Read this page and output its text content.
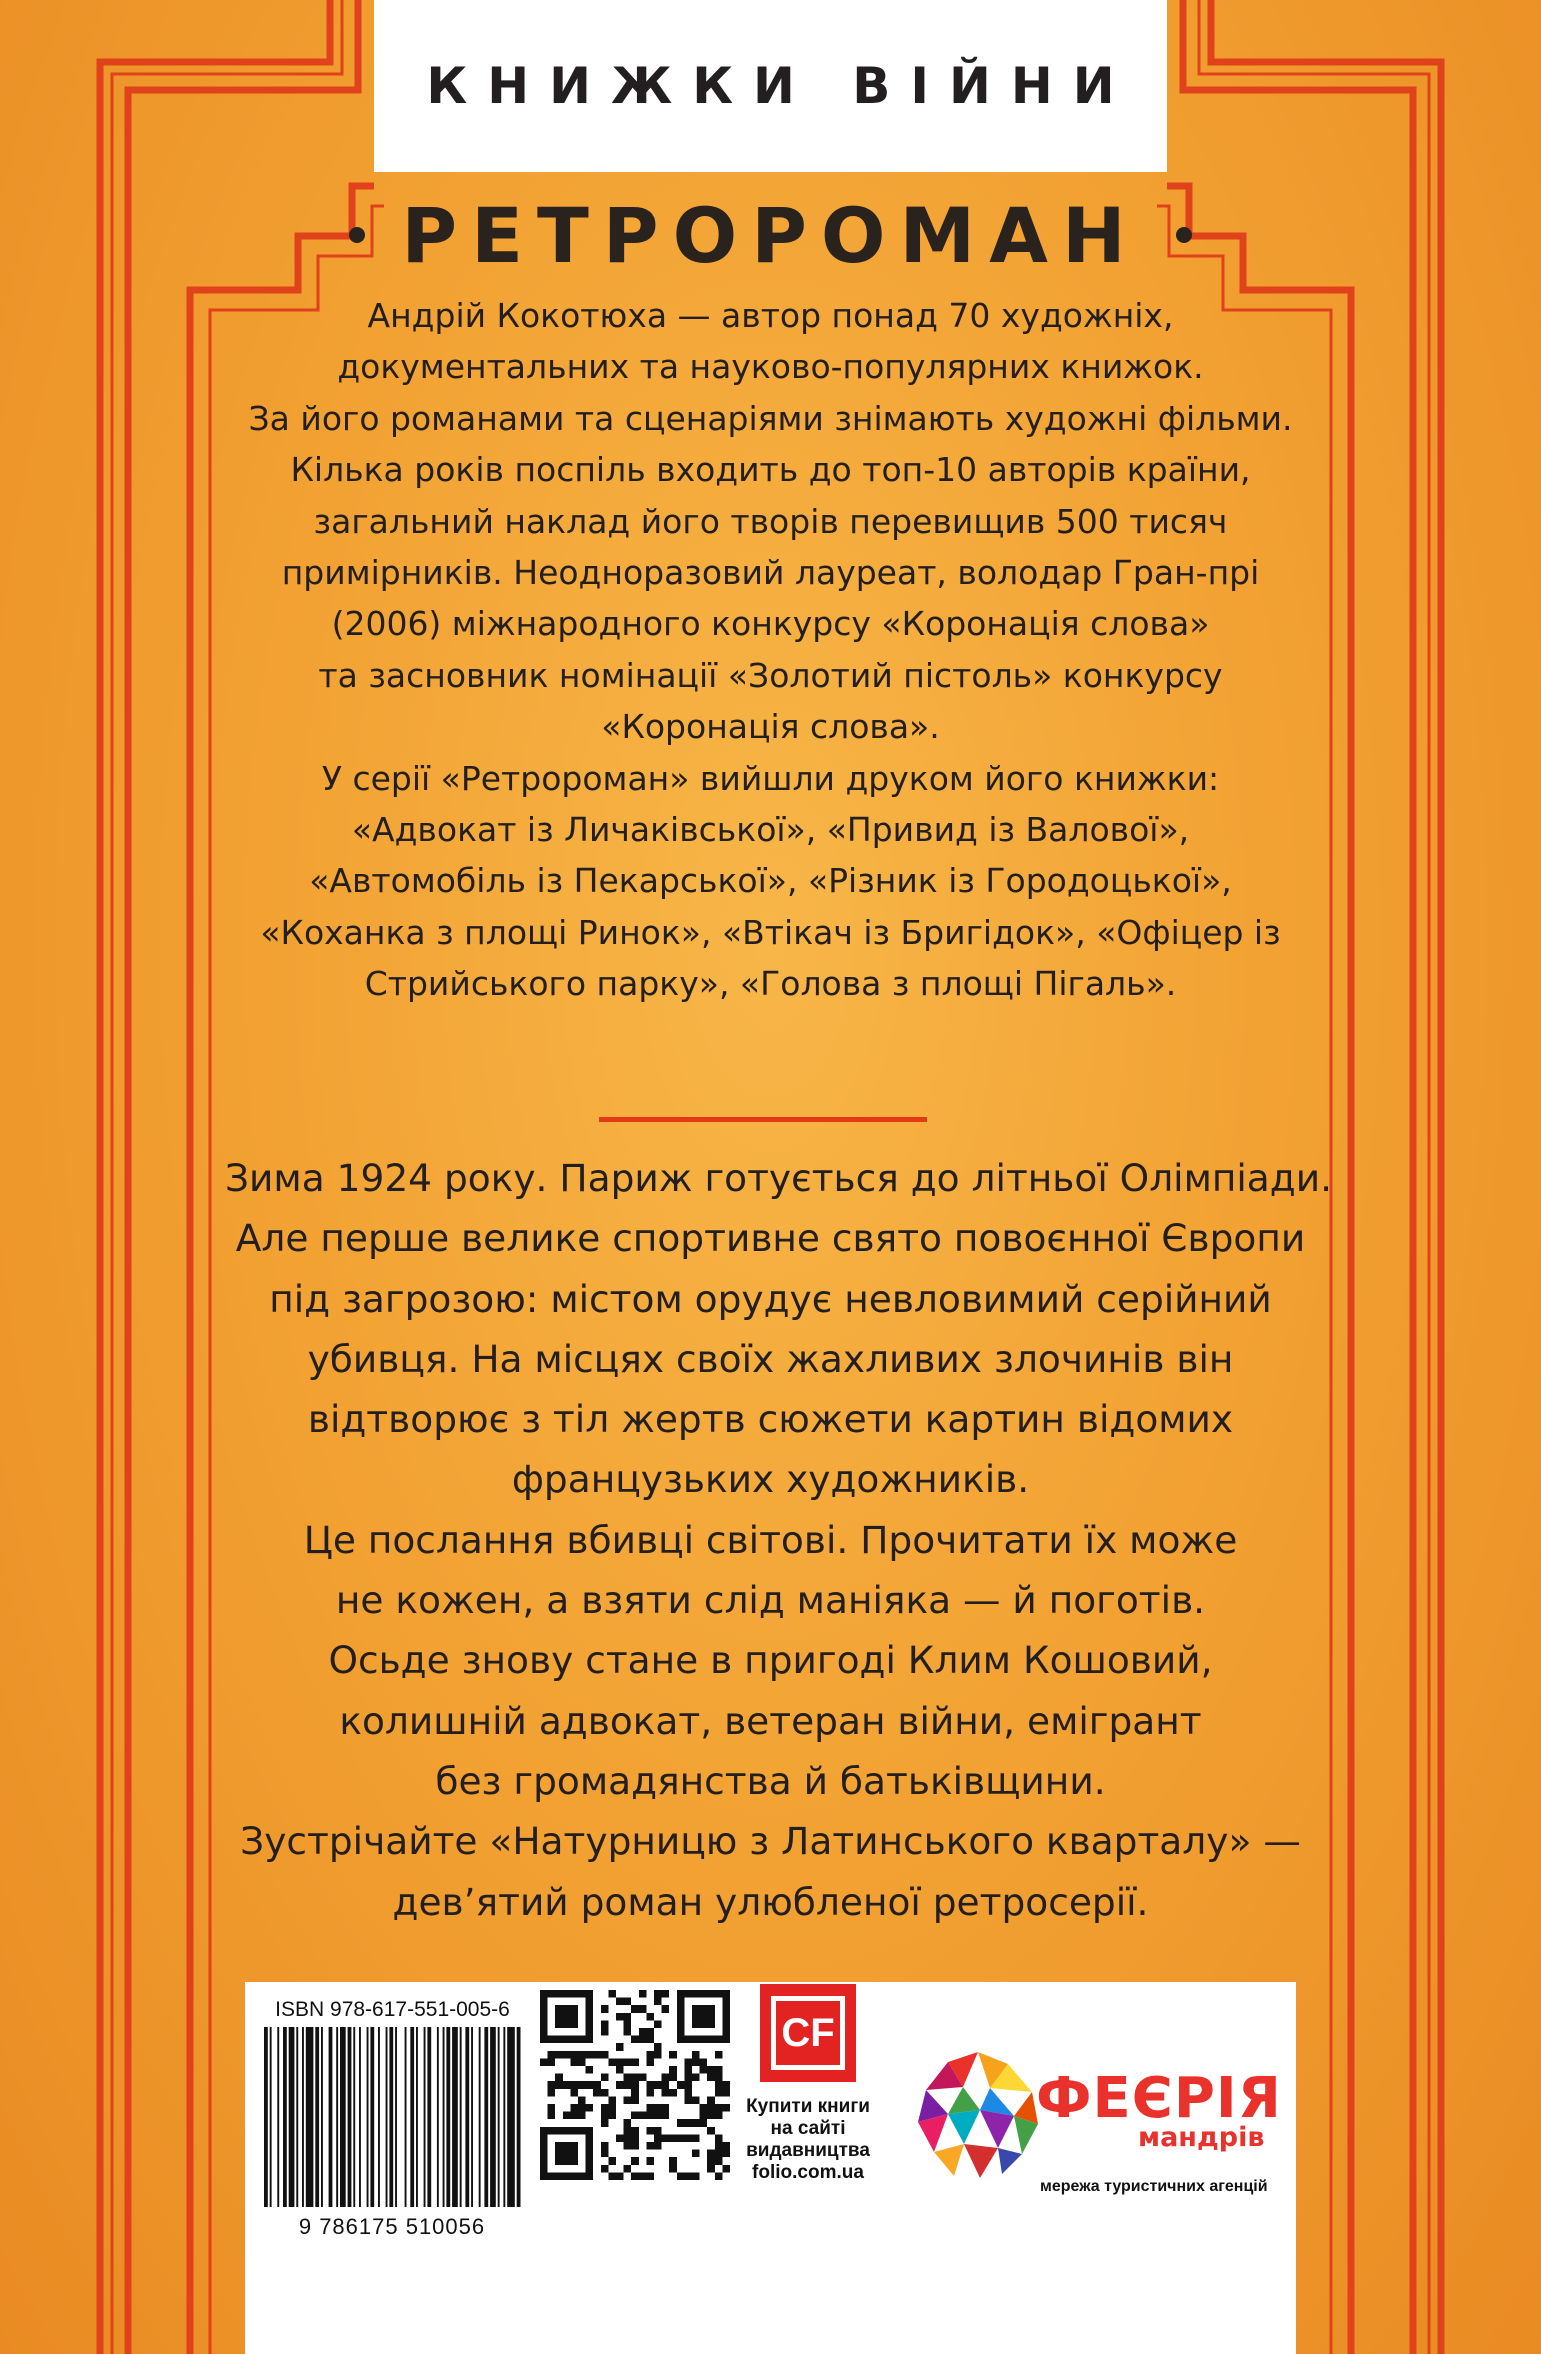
КНИЖКИ ВІЙНИ
РЕТРОРОМАН

Андрій Кокотюха — автор понад 70 художніх,

документальних та науково-популярних книжок.

За його романами та сценаріями знімають художні фільми.

Кілька років поспіль входить до топ-10 авторів країни,

загальний наклад його творів перевищив 500 тисяч

примірників. Неодноразовий лауреат, володар Гран-прі

(2006) міжнародного конкурсу «Коронація слова»

та засновник номінації «Золотий пістоль» конкурсу

«Коронація слова».

У серії «Ретророман» вийшли друком його книжки:

«Адвокат із Личаківської», «Привид із Валової»,

«Автомобіль із Пекарської», «Різник із Городоцької»,

«Коханка з площі Ринок», «Втікач із Бригідок», «Офіцер із

Стрийського парку», «Голова з площі Пігаль».

Зима 1924 року. Париж готується до літньої Олімпіади.

Але перше велике спортивне свято повоєнної Європи

під загрозою: містом орудує невловимий серійний

убивця. На місцях своїх жахливих злочинів він

відтворює з тіл жертв сюжети картин відомих

французьких художників.

Це послання вбивці світові. Прочитати їх може

не кожен, а взяти слід маніяка — й поготів.

Осьде знову стане в пригоді Клим Кошовий,

колишній адвокат, ветеран війни, емігрант

без громадянства й батьківщини.

Зустрічайте «Натурницю з Латинського кварталу» —

дев’ятий роман улюбленої ретросерії.

ISBN 978-617-551-005-6
9 786175 510056
CF
Купити книги
на сайті
видавництва
folio.com.ua
ФЕЄРІЯ
мандрів
мережа туристичних агенцій
